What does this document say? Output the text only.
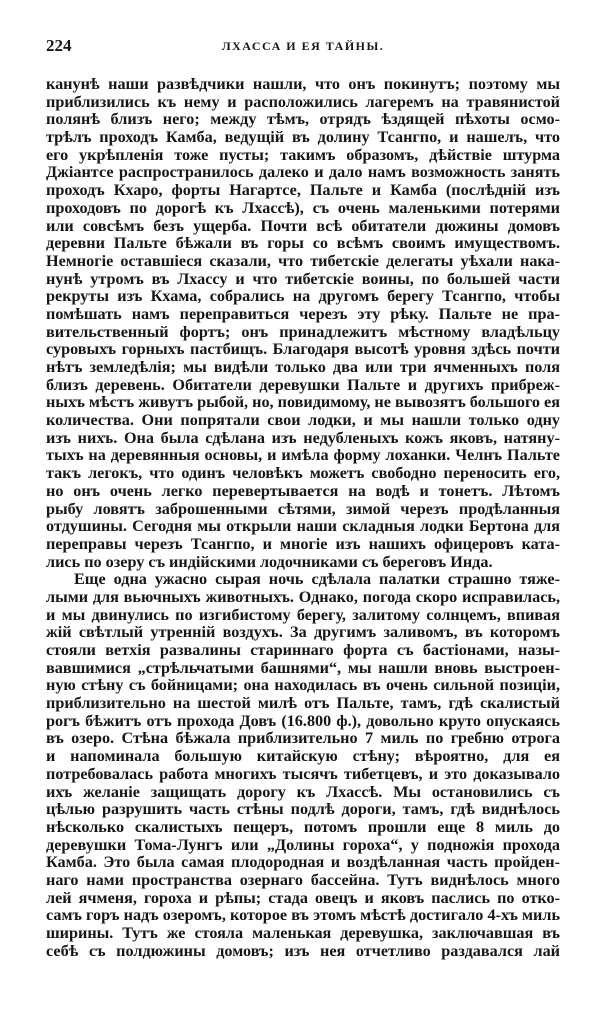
224	ЛХАССА И ЕЯ ТАЙНЫ.
канунѣ наши развѣдчики нашли, что онъ покинутъ; поэтому мы
приблизились къ нему и расположились лагеремъ на травянистой
полянѣ близъ него; между тѣмъ, отрядъ ѣздящей пѣхоты осмо-
трѣлъ проходъ Камба, ведущій въ долину Тсангпо, и нашелъ, что
его укрѣпленія тоже пусты; такимъ образомъ, дѣйствіе штурма
Джіантсе распространилось далеко и дало намъ возможность занять
проходъ Кхаро, форты Нагартсе, Пальте и Камба (послѣдній изъ
проходовъ по дорогѣ къ Лхассѣ), съ очень маленькими потерями
или совсѣмъ безъ ущерба. Почти всѣ обитатели дюжины домовъ
деревни Пальте бѣжали въ горы со всѣмъ своимъ имуществомъ.
Немногіе оставшіеся сказали, что тибетскіе делегаты уѣхали нака-
нунѣ утромъ въ Лхассу и что тибетскіе воины, по большей части
рекруты изъ Кхама, собрались на другомъ берегу Тсангпо, чтобы
помѣшать намъ переправиться черезъ эту рѣку. Пальте не пра-
вительственный фортъ; онъ принадлежитъ мѣстному владѣльцу
суровыхъ горныхъ пастбищъ. Благодаря высотѣ уровня здѣсь почти
нѣтъ земледѣлія; мы видѣли только два или три ячменныхъ поля
близъ деревень. Обитатели деревушки Пальте и другихъ прибреж-
ныхъ мѣстъ живутъ рыбой, но, повидимому, не вывозятъ большого ея
количества. Они попрятали свои лодки, и мы нашли только одну
изъ нихъ. Она была сдѣлана изъ недубленыхъ кожъ яковъ, натяну-
тыхъ на деревянныя основы, и имѣла форму лоханки. Челнъ Пальте
такъ легокъ, что одинъ человѣкъ можетъ свободно переносить его,
но онъ очень легко перевертывается на водѣ и тонетъ. Лѣтомъ
рыбу ловятъ заброшенными сѣтями, зимой черезъ продѣланныя
отдушины. Сегодня мы открыли наши складныя лодки Бертона для
переправы черезъ Тсангпо, и многіе изъ нашихъ офицеровъ ката-
лись по озеру съ индійскими лодочниками съ береговъ Инда.
Еще одна ужасно сырая ночь сдѣлала палатки страшно тяже-
лыми для вьючныхъ животныхъ. Однако, погода скоро исправилась,
и мы двинулись по изгибистому берегу, залитому солнцемъ, впивая
жій свѣтлый утренній воздухъ. За другимъ заливомъ, въ которомъ
стояли ветхія развалины стариннаго форта съ бастіонами, назы-
вавшимися „стрѣльчатыми башнями“, мы нашли вновь выстроен-
ную стѣну съ бойницами; она находилась въ очень сильной позиціи,
приблизительно на шестой милѣ отъ Пальте, тамъ, гдѣ скалистый
рогъ бѣжитъ отъ прохода Довъ (16.800 ф.), довольно круто опускаясь
въ озеро. Стѣна бѣжала приблизительно 7 миль по гребню отрога
и напоминала большую китайскую стѣну; вѣроятно, для ея
потребовалась работа многихъ тысячъ тибетцевъ, и это доказывало
ихъ желаніе защищать дорогу къ Лхассѣ. Мы остановились съ
цѣлью разрушить часть стѣны подлѣ дороги, тамъ, гдѣ виднѣлось
нѣсколько скалистыхъ пещеръ, потомъ прошли еще 8 миль до
деревушки Тома-Лунгъ или „Долины гороха“, у подножія прохода
Камба. Это была самая плодородная и воздѣланная часть пройден-
наго нами пространства озернаго бассейна. Тутъ виднѣлось много
лей ячменя, гороха и рѣпы; стада овецъ и яковъ паслись по отко-
самъ горъ надъ озеромъ, которое въ этомъ мѣстѣ достигало 4-хъ миль
ширины. Тутъ же стояла маленькая деревушка, заключавшая въ
себѣ съ полдюжины домовъ; изъ нея отчетливо раздавался лай
